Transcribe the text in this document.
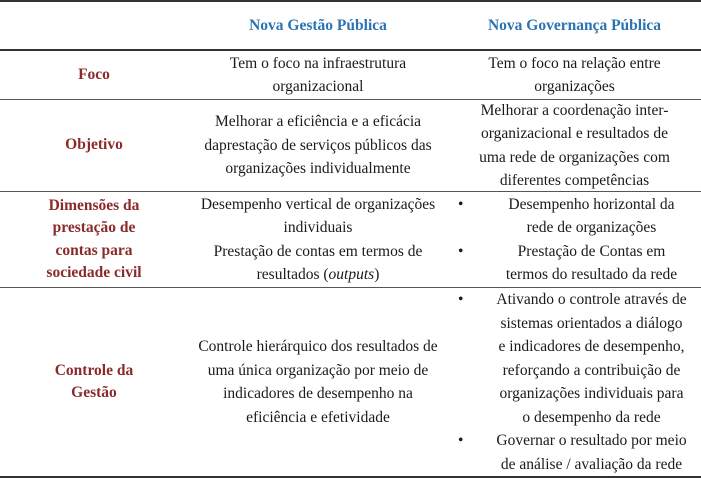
Nova Gestão Pública	Nova Governança Pública
Foco
Tem o foco na infraestrutura
organizacional
Tem o foco na relação entre
organizações
Objetivo
Melhorar a eficiência e a eficácia
daprestação de serviços públicos das
organizações individualmente
Melhorar a coordenação inter-
organizacional e resultados de
uma rede de organizações com
diferentes competências
Dimensões da
prestação de
contas para
sociedade civil
Desempenho vertical de organizações
individuais
Prestação de contas em termos de
resultados (outputs)
• Desempenho horizontal da
rede de organizações
• Prestação de Contas em
termos do resultado da rede
Controle da
Gestão
Controle hierárquico dos resultados de
uma única organização por meio de
indicadores de desempenho na
eficiência e efetividade
• Ativando o controle através de
sistemas orientados a diálogo
e indicadores de desempenho,
reforçando a contribuição de
organizações individuais para
o desempenho da rede
• Governar o resultado por meio
de análise / avaliação da rede
